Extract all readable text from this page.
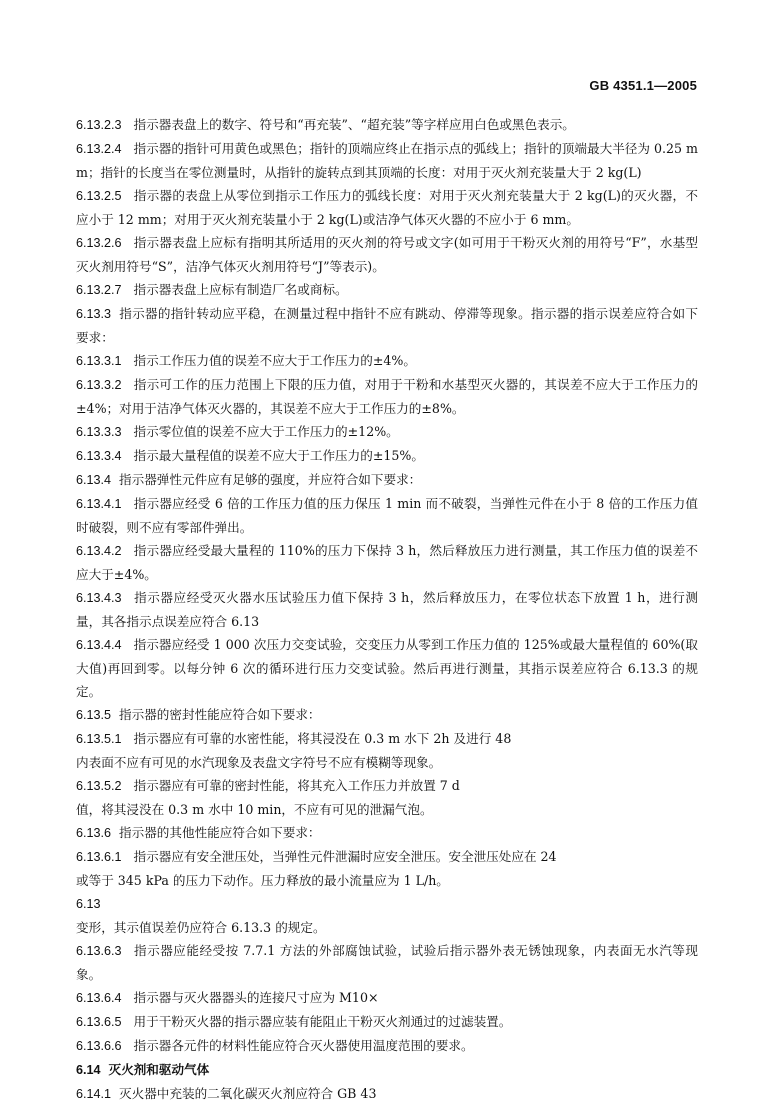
GB 4351.1—2005

6.13.2.3 指示器表盘上的数字、符号和“再充装”、“超充装”等字样应用白色或黑色表示。

6.13.2.4 指示器的指针可用黄色或黑色；指针的顶端应终止在指示点的弧线上；指针的顶端最大半径为 0.25 mm；指针的长度当在零位测量时，从指针的旋转点到其顶端的长度：对用于灭火剂充装量大于 2 kg(L)

6.13.2.5 指示器的表盘上从零位到指示工作压力的弧线长度：对用于灭火剂充装量大于 2 kg(L)的灭火器，不应小于 12 mm；对用于灭火剂充装量小于 2 kg(L)或洁净气体灭火器的不应小于 6 mm。

6.13.2.6 指示器表盘上应标有指明其所适用的灭火剂的符号或文字(如可用于干粉灭火剂的用符号“F”，水基型灭火剂用符号“S”，洁净气体灭火剂用符号“J”等表示)。

6.13.2.7 指示器表盘上应标有制造厂名或商标。

6.13.3 指示器的指针转动应平稳，在测量过程中指针不应有跳动、停滞等现象。指示器的指示误差应符合如下要求：

6.13.3.1 指示工作压力值的误差不应大于工作压力的±4%。

6.13.3.2 指示可工作的压力范围上下限的压力值，对用于干粉和水基型灭火器的，其误差不应大于工作压力的±4%；对用于洁净气体灭火器的，其误差不应大于工作压力的±8%。

6.13.3.3 指示零位值的误差不应大于工作压力的±12%。

6.13.3.4 指示最大量程值的误差不应大于工作压力的±15%。

6.13.4 指示器弹性元件应有足够的强度，并应符合如下要求：

6.13.4.1 指示器应经受 6 倍的工作压力值的压力保压 1 min 而不破裂，当弹性元件在小于 8 倍的工作压力值时破裂，则不应有零部件弹出。

6.13.4.2 指示器应经受最大量程的 110%的压力下保持 3 h，然后释放压力进行测量，其工作压力值的误差不应大于±4%。

6.13.4.3 指示器应经受灭火器水压试验压力值下保持 3 h，然后释放压力，在零位状态下放置 1 h，进行测量，其各指示点误差应符合 6.13

6.13.4.4 指示器应经受 1 000 次压力交变试验，交变压力从零到工作压力值的 125%或最大量程值的 60%(取大值)再回到零。以每分钟 6 次的循环进行压力交变试验。然后再进行测量，其指示误差应符合 6.13.3 的规定。

6.13.5 指示器的密封性能应符合如下要求：

6.13.5.1 指示器应有可靠的水密性能，将其浸没在 0.3 m 水下 2h 及进行 48

内表面不应有可见的水汽现象及表盘文字符号不应有模糊等现象。

6.13.5.2 指示器应有可靠的密封性能，将其充入工作压力并放置 7 d

值，将其浸没在 0.3 m 水中 10 min，不应有可见的泄漏气泡。

6.13.6 指示器的其他性能应符合如下要求：

6.13.6.1 指示器应有安全泄压处，当弹性元件泄漏时应安全泄压。安全泄压处应在 24

或等于 345 kPa 的压力下动作。压力释放的最小流量应为 1 L/h。

6.13

变形，其示值误差仍应符合 6.13.3 的规定。

6.13.6.3 指示器应能经受按 7.7.1 方法的外部腐蚀试验，试验后指示器外表无锈蚀现象，内表面无水汽等现象。

6.13.6.4 指示器与灭火器器头的连接尺寸应为 M10×

6.13.6.5 用于干粉灭火器的指示器应装有能阻止干粉灭火剂通过的过滤装置。

6.13.6.6 指示器各元件的材料性能应符合灭火器使用温度范围的要求。

6.14 灭火剂和驱动气体

6.14.1 灭火器中充装的二氧化碳灭火剂应符合 GB 43
